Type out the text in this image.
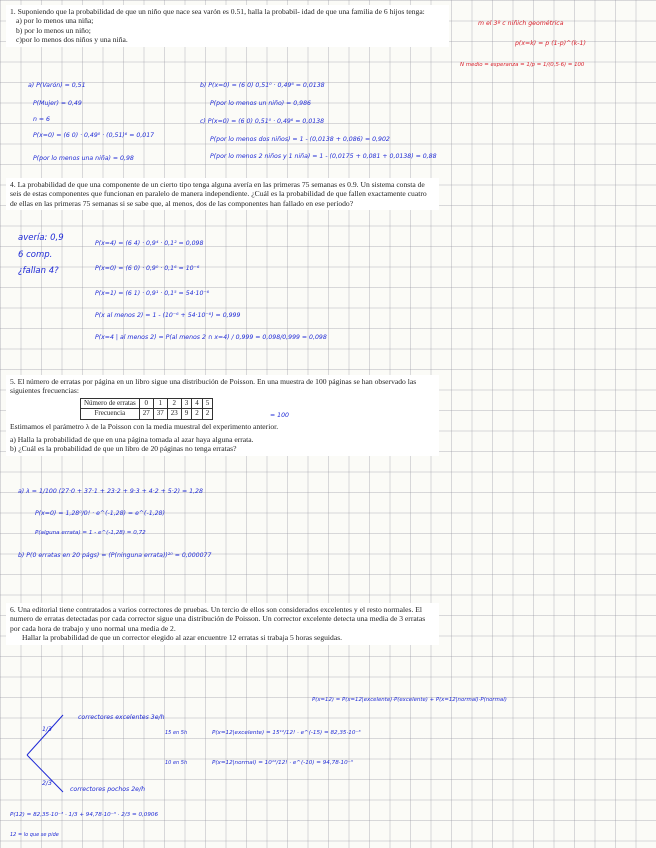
1. Suponiendo que la probabilidad de que un niño que nace sea varón es 0.51, halla la probabil- idad de que una familia de 6 hijos tenga:

a) por lo menos una niña;

b) por lo menos un niño;

c)por lo menos dos niños y una niña.

m el 3º c niñich geométrica
p(x=k) = p (1-p)^(k-1)
N medio = esperanza = 1/p = 1/(0,5·6) = 100
a) P(Varón) = 0,51
P(Mujer) = 0,49
n = 6
P(x=0) = (6 0) · 0,49⁰ · (0,51)⁶ = 0,017
P(por lo menos una niña) = 0,98
b) P(x=0) = (6 0) 0,51⁰ · 0,49⁶ = 0,0138
P(por lo menos un niño) = 0,986
c) P(x=0) = (6 0) 0,51⁰ · 0,49⁶ = 0,0138
P(por lo menos dos niños) = 1 - (0,0138 + 0,086) = 0,902
P(por lo menos 2 niños y 1 niña) = 1 - (0,0175 + 0,081 + 0,0138) = 0,88

4. La probabilidad de que una componente de un cierto tipo tenga alguna avería en las primeras 75 semanas es 0.9. Un sistema consta de seis de estas componentes que funcionan en paralelo de manera independiente. ¿Cuál es la probabilidad de que fallen exactamente cuatro de ellas en las primeras 75 semanas si se sabe que, al menos, dos de las componentes han fallado en ese período?

avería: 0,9
6 comp.
¿fallan 4?
P(x=4) = (6 4) · 0,9⁴ · 0,1² = 0,098
P(x=0) = (6 0) · 0,9⁰ · 0,1⁶ = 10⁻⁶
P(x=1) = (6 1) · 0,9¹ · 0,1⁵ = 54·10⁻⁶
P(x al menos 2) = 1 - (10⁻⁶ + 54·10⁻⁶) = 0,999
P(x=4 | al menos 2) = P(al menos 2 ∩ x=4) / 0,999 = 0,098/0,999 = 0,098

5. El número de erratas por página en un libro sigue una distribución de Poisson. En una muestra de 100 páginas se han observado las siguientes frecuencias:

Número de erratas	0	1	2	3	4	5
Frecuencia	27	37	23	9	2	2	= 100

Estimamos el parámetro λ de la Poisson con la media muestral del experimento anterior.

a) Halla la probabilidad de que en una página tomada al azar haya alguna errata.

b) ¿Cuál es la probabilidad de que un libro de 20 páginas no tenga erratas?

a) λ = 1/100 (27·0 + 37·1 + 23·2 + 9·3 + 4·2 + 5·2) = 1,28
P(x=0) = 1,28⁰/0! · e^(-1,28) = e^(-1,28)
P(alguna errata) = 1 - e^(-1,28) = 0,72
b) P(0 erratas en 20 págs) = (P(ninguna errata))²⁰ = 0,000077

6. Una editorial tiene contratados a varios correctores de pruebas. Un tercio de ellos son considerados excelentes y el resto normales. El numero de erratas detectadas por cada corrector sigue una distribución de Poisson. Un corrector excelente detecta una media de 3 erratas por cada hora de trabajo y uno normal una media de 2.

Hallar la probabilidad de que un corrector elegido al azar encuentre 12 erratas si trabaja 5 horas seguidas.

P(x=12) = P(x=12|excelente)·P(excelente) + P(x=12|normal)·P(normal)
1/3
2/3
correctores excelentes 3e/h
15 en 5h
10 en 5h
correctores pochos 2e/h
P(x=12|excelente) = 15¹²/12! · e^(-15) = 82,35·10⁻³
P(x=12|normal) = 10¹²/12! · e^(-10) = 94,78·10⁻³
P(12) = 82,35·10⁻³ · 1/3 + 94,78·10⁻³ · 2/3 = 0,0906
12 = lo que se pide
